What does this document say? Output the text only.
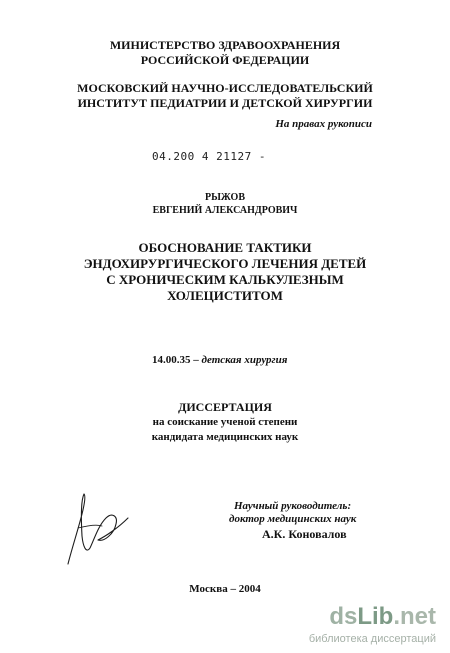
МИНИСТЕРСТВО ЗДРАВООХРАНЕНИЯ
РОССИЙСКОЙ ФЕДЕРАЦИИ
МОСКОВСКИЙ НАУЧНО-ИССЛЕДОВАТЕЛЬСКИЙ
ИНСТИТУТ ПЕДИАТРИИ И ДЕТСКОЙ ХИРУРГИИ
На правах рукописи
04.200 4 21127 -
РЫЖОВ
ЕВГЕНИЙ АЛЕКСАНДРОВИЧ
ОБОСНОВАНИЕ ТАКТИКИ
ЭНДОХИРУРГИЧЕСКОГО ЛЕЧЕНИЯ ДЕТЕЙ
С ХРОНИЧЕСКИМ КАЛЬКУЛЕЗНЫМ
ХОЛЕЦИСТИТОМ
14.00.35 – детская хирургия
ДИССЕРТАЦИЯ
на соискание ученой степени
кандидата медицинских наук
Научный руководитель:
доктор медицинских наук
А.К. Коновалов
Москва – 2004
dsLib.net
библиотека диссертаций
